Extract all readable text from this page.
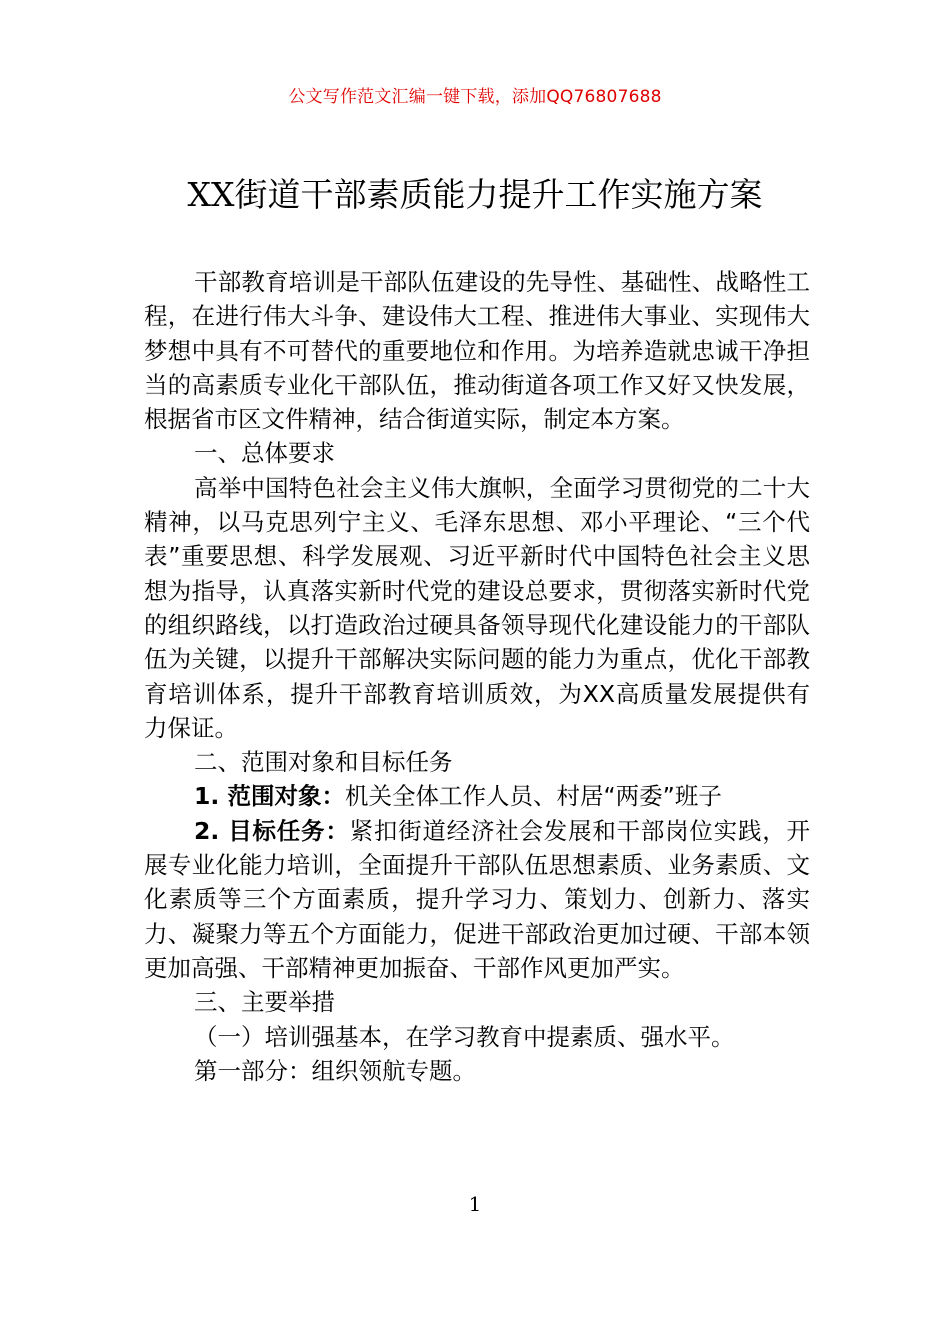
公文写作范文汇编一键下载，添加QQ76807688
XX街道干部素质能力提升工作实施方案

干部教育培训是干部队伍建设的先导性、基础性、战略性工程，在进行伟大斗争、建设伟大工程、推进伟大事业、实现伟大梦想中具有不可替代的重要地位和作用。为培养造就忠诚干净担当的高素质专业化干部队伍，推动街道各项工作又好又快发展，根据省市区文件精神，结合街道实际，制定本方案。

一、总体要求

高举中国特色社会主义伟大旗帜，全面学习贯彻党的二十大精神，以马克思列宁主义、毛泽东思想、邓小平理论、“三个代表”重要思想、科学发展观、习近平新时代中国特色社会主义思想为指导，认真落实新时代党的建设总要求，贯彻落实新时代党的组织路线，以打造政治过硬具备领导现代化建设能力的干部队伍为关键，以提升干部解决实际问题的能力为重点，优化干部教育培训体系，提升干部教育培训质效，为XX高质量发展提供有力保证。

二、范围对象和目标任务

1. 范围对象：机关全体工作人员、村居“两委”班子

2. 目标任务：紧扣街道经济社会发展和干部岗位实践，开展专业化能力培训，全面提升干部队伍思想素质、业务素质、文化素质等三个方面素质，提升学习力、策划力、创新力、落实力、凝聚力等五个方面能力，促进干部政治更加过硬、干部本领更加高强、干部精神更加振奋、干部作风更加严实。

三、主要举措

（一）培训强基本，在学习教育中提素质、强水平。

第一部分：组织领航专题。

1
